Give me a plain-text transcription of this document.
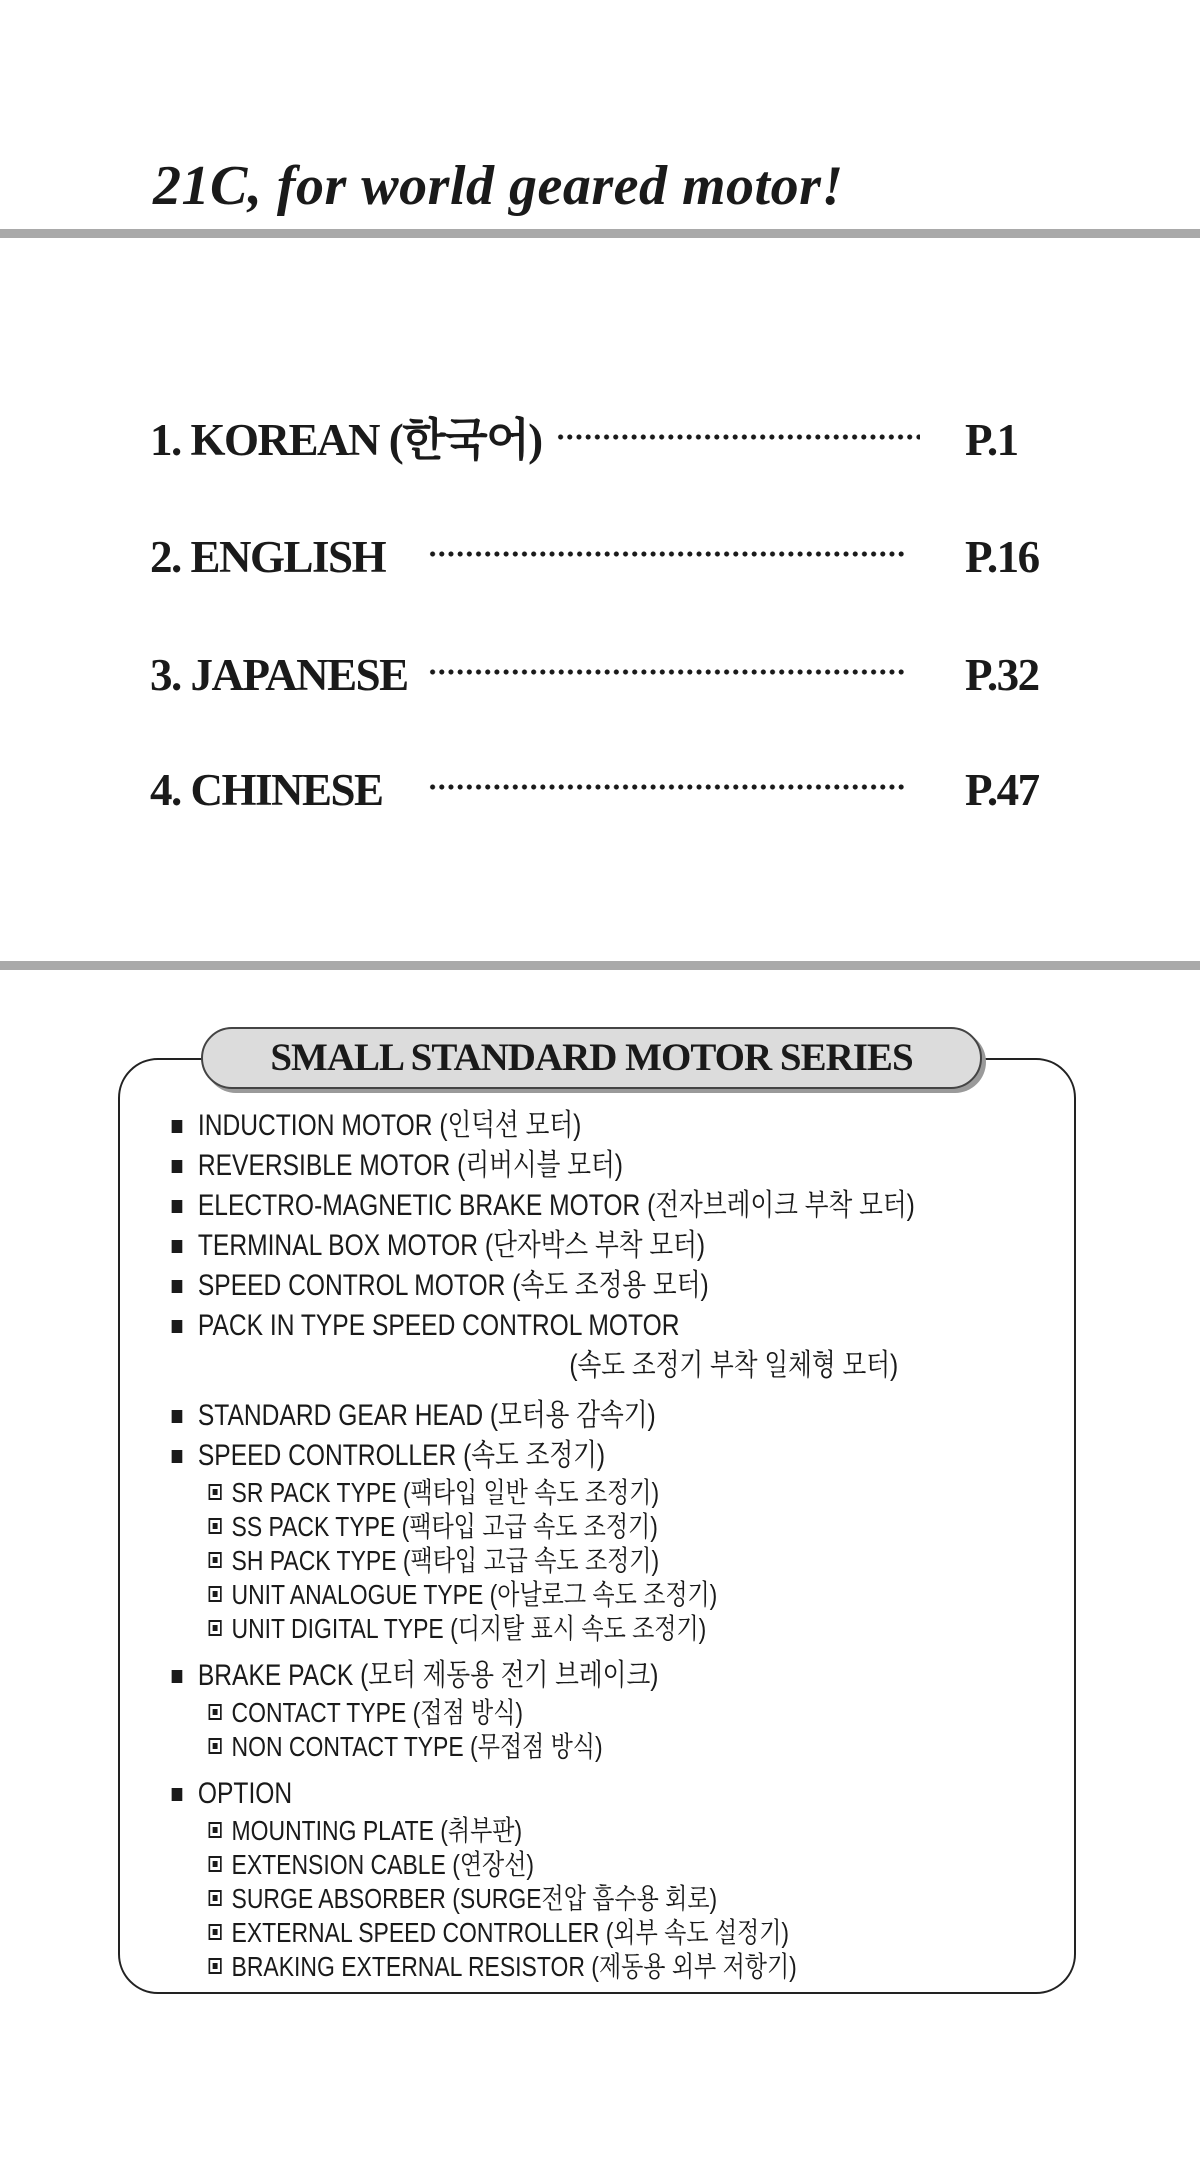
21C, for world geared motor!
1. KOREAN (한국어)	P.1
2. ENGLISH	P.16
3. JAPANESE	P.32
4. CHINESE	P.47
SMALL STANDARD MOTOR SERIES
INDUCTION MOTOR (인덕션 모터)
REVERSIBLE MOTOR (리버시블 모터)
ELECTRO-MAGNETIC BRAKE MOTOR (전자브레이크 부착 모터)
TERMINAL BOX MOTOR (단자박스 부착 모터)
SPEED CONTROL MOTOR (속도 조정용 모터)
PACK IN TYPE SPEED CONTROL MOTOR
(속도 조정기 부착 일체형 모터)
STANDARD GEAR HEAD (모터용 감속기)
SPEED CONTROLLER (속도 조정기)
SR PACK TYPE (팩타입 일반 속도 조정기)
SS PACK TYPE (팩타입 고급 속도 조정기)
SH PACK TYPE (팩타입 고급 속도 조정기)
UNIT ANALOGUE TYPE (아날로그 속도 조정기)
UNIT DIGITAL TYPE (디지탈 표시 속도 조정기)
BRAKE PACK (모터 제동용 전기 브레이크)
CONTACT TYPE (접점 방식)
NON CONTACT TYPE (무접점 방식)
OPTION
MOUNTING PLATE (취부판)
EXTENSION CABLE (연장선)
SURGE ABSORBER (SURGE전압 흡수용 회로)
EXTERNAL SPEED CONTROLLER (외부 속도 설정기)
BRAKING EXTERNAL RESISTOR (제동용 외부 저항기)
